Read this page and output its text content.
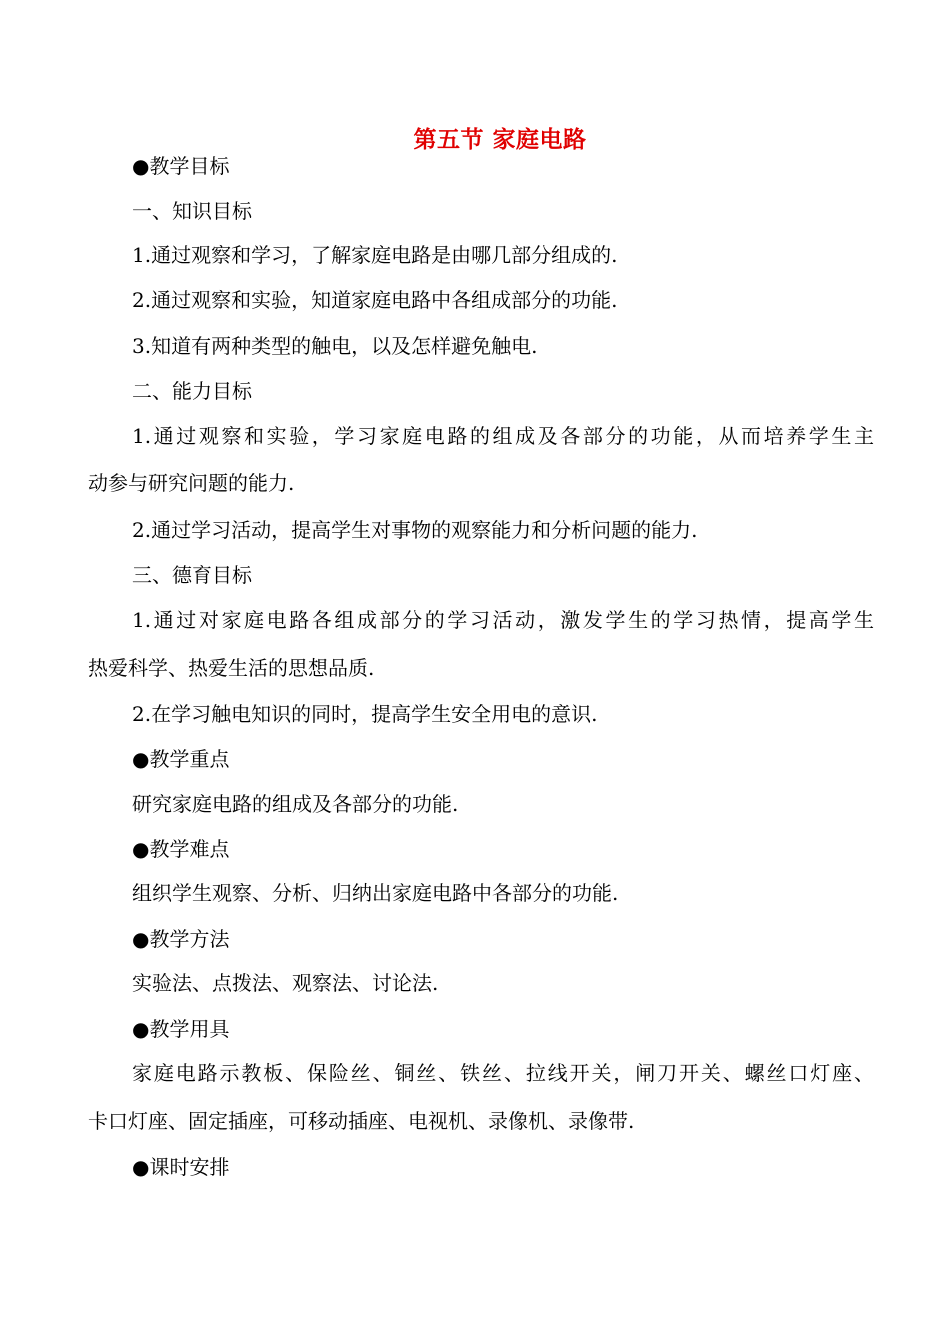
第五节 家庭电路
●教学目标
一、知识目标
1.通过观察和学习，了解家庭电路是由哪几部分组成的.
2.通过观察和实验，知道家庭电路中各组成部分的功能.
3.知道有两种类型的触电，以及怎样避免触电.
二、能力目标
1.通过观察和实验，学习家庭电路的组成及各部分的功能，从而培养学生主
动参与研究问题的能力.
2.通过学习活动，提高学生对事物的观察能力和分析问题的能力.
三、德育目标
1.通过对家庭电路各组成部分的学习活动，激发学生的学习热情，提高学生
热爱科学、热爱生活的思想品质.
2.在学习触电知识的同时，提高学生安全用电的意识.
●教学重点
研究家庭电路的组成及各部分的功能.
●教学难点
组织学生观察、分析、归纳出家庭电路中各部分的功能.
●教学方法
实验法、点拨法、观察法、讨论法.
●教学用具
家庭电路示教板、保险丝、铜丝、铁丝、拉线开关，闸刀开关、螺丝口灯座、
卡口灯座、固定插座，可移动插座、电视机、录像机、录像带.
●课时安排
